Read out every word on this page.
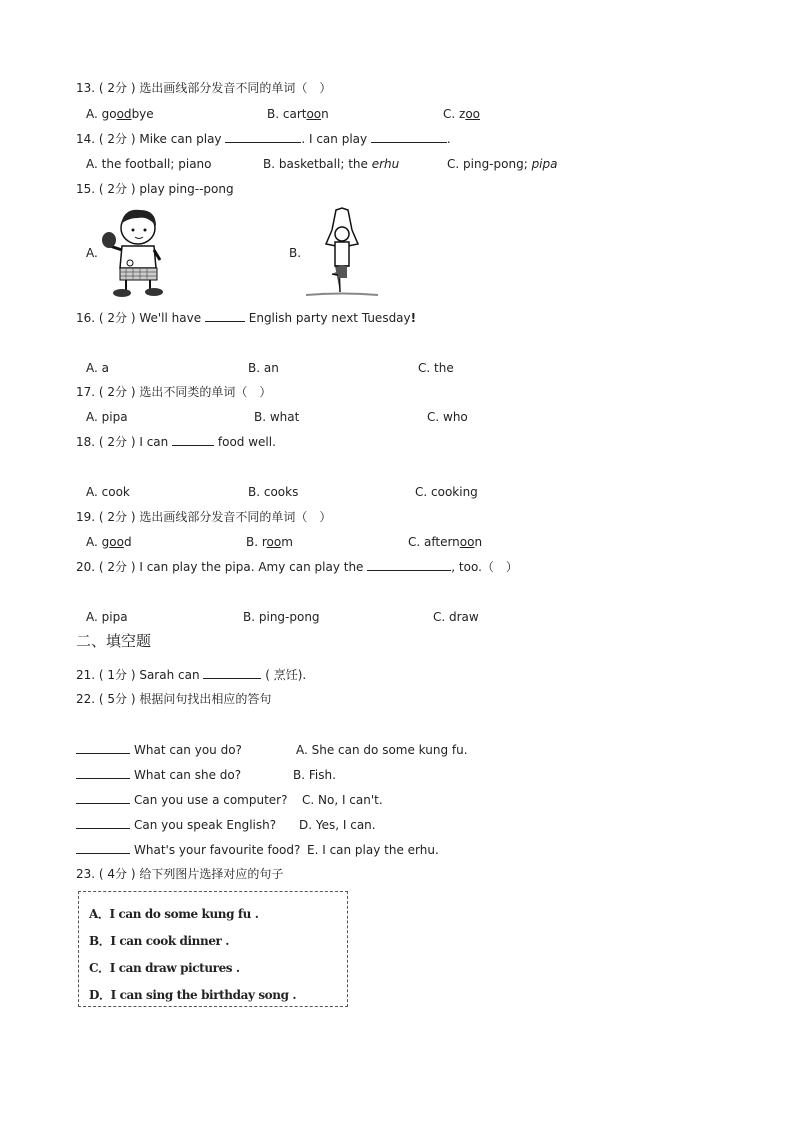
13. ( 2分 ) 选出画线部分发音不同的单词（　）
A. goodbye	B. cartoon	C. zoo
14. ( 2分 ) Mike can play	. I can play	.
A. the football; piano	B. basketball; the erhu	C. ping-pong; pipa
15. ( 2分 ) play ping--pong
A.	B.
16. ( 2分 ) We'll have	English party next Tuesday!
A. a	B. an	C. the
17. ( 2分 ) 选出不同类的单词（　）
A. pipa	B. what	C. who
18. ( 2分 ) I can	food well.
A. cook	B. cooks	C. cooking
19. ( 2分 ) 选出画线部分发音不同的单词（　）
A. good	B. room	C. afternoon
20. ( 2分 ) I can play the pipa. Amy can play the	, too.（　）
A. pipa	B. ping-pong	C. draw
二、填空题
21. ( 1分 ) Sarah can	( 烹饪).
22. ( 5分 ) 根据问句找出相应的答句
What can you do?	A. She can do some kung fu.
What can she do?	B. Fish.
Can you use a computer? C. No, I can't.
Can you speak English? D. Yes, I can.
What's your favourite food? E. I can play the erhu.
23. ( 4分 ) 给下列图片选择对应的句子
A．I can do some kung fu .
B．I can cook dinner .
C．I can draw pictures .
D．I can sing the birthday song .
